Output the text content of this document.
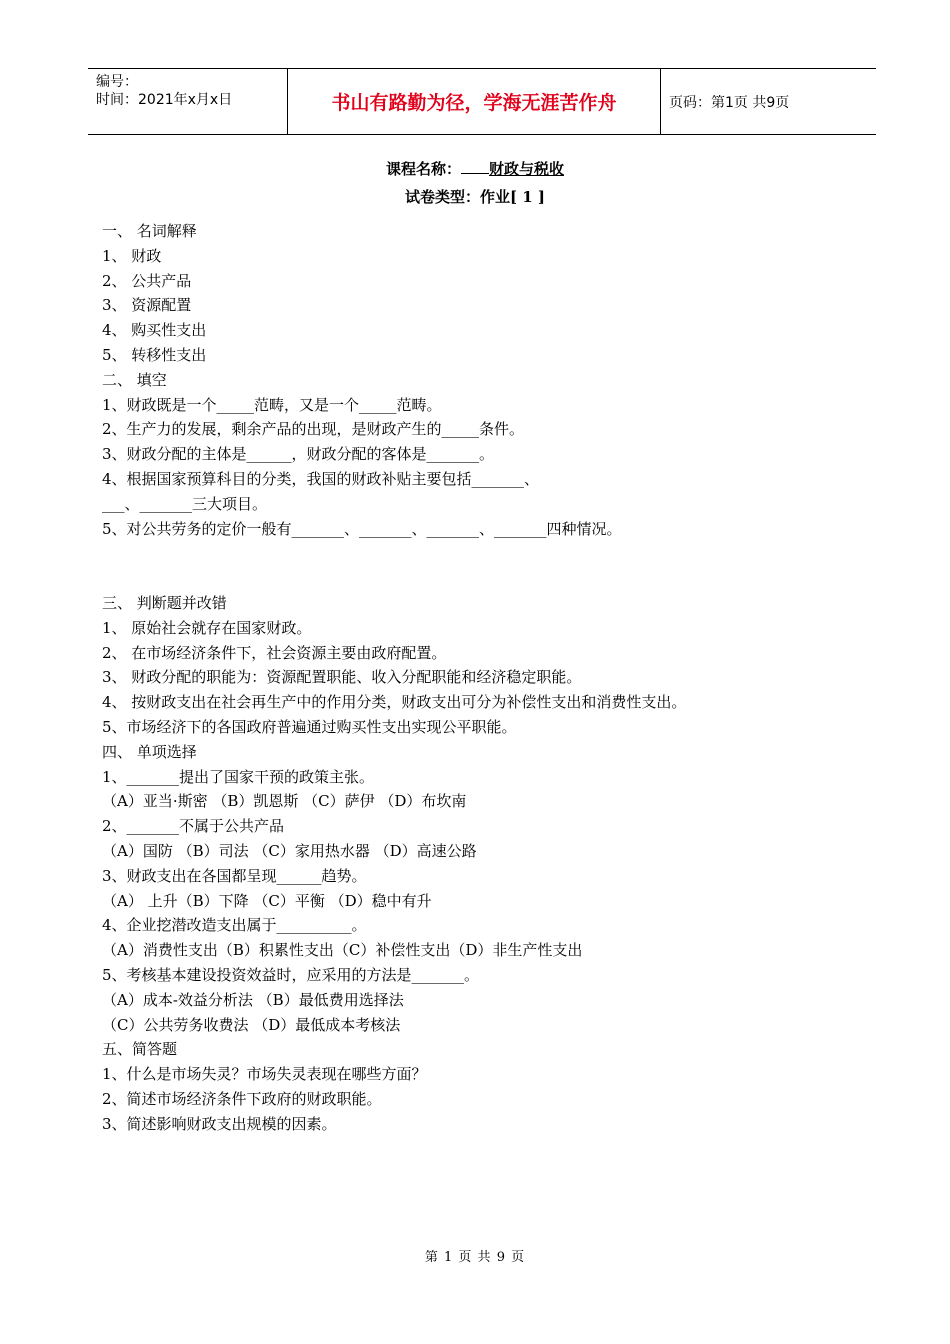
编号：
时间：2021年x月x日	书山有路勤为径，学海无涯苦作舟	页码：第1页 共9页
课程名称： 财政与税收
试卷类型：作业[ 1 ]
一、 名词解释
1、 财政
2、 公共产品
3、 资源配置
4、 购买性支出
5、 转移性支出
二、 填空
1、财政既是一个_____范畴，又是一个_____范畴。
2、生产力的发展，剩余产品的出现，是财政产生的_____条件。
3、财政分配的主体是______，财政分配的客体是_______。
4、根据国家预算科目的分类，我国的财政补贴主要包括_______、
___、_______三大项目。
5、对公共劳务的定价一般有_______、_______、_______、_______四种情况。
三、 判断题并改错
1、 原始社会就存在国家财政。
2、 在市场经济条件下，社会资源主要由政府配置。
3、 财政分配的职能为：资源配置职能、收入分配职能和经济稳定职能。
4、 按财政支出在社会再生产中的作用分类，财政支出可分为补偿性支出和消费性支出。
5、市场经济下的各国政府普遍通过购买性支出实现公平职能。
四、 单项选择
1、_______提出了国家干预的政策主张。
（A）亚当·斯密 （B）凯恩斯 （C）萨伊 （D）布坎南
2、_______不属于公共产品
（A）国防 （B）司法 （C）家用热水器 （D）高速公路
3、财政支出在各国都呈现______趋势。
（A） 上升（B）下降 （C）平衡 （D）稳中有升
4、企业挖潜改造支出属于__________。
（A）消费性支出（B）积累性支出（C）补偿性支出（D）非生产性支出
5、考核基本建设投资效益时，应采用的方法是_______。
（A）成本-效益分析法 （B）最低费用选择法
（C）公共劳务收费法 （D）最低成本考核法
五、简答题
1、什么是市场失灵？市场失灵表现在哪些方面？
2、简述市场经济条件下政府的财政职能。
3、简述影响财政支出规模的因素。
第 1 页 共 9 页
